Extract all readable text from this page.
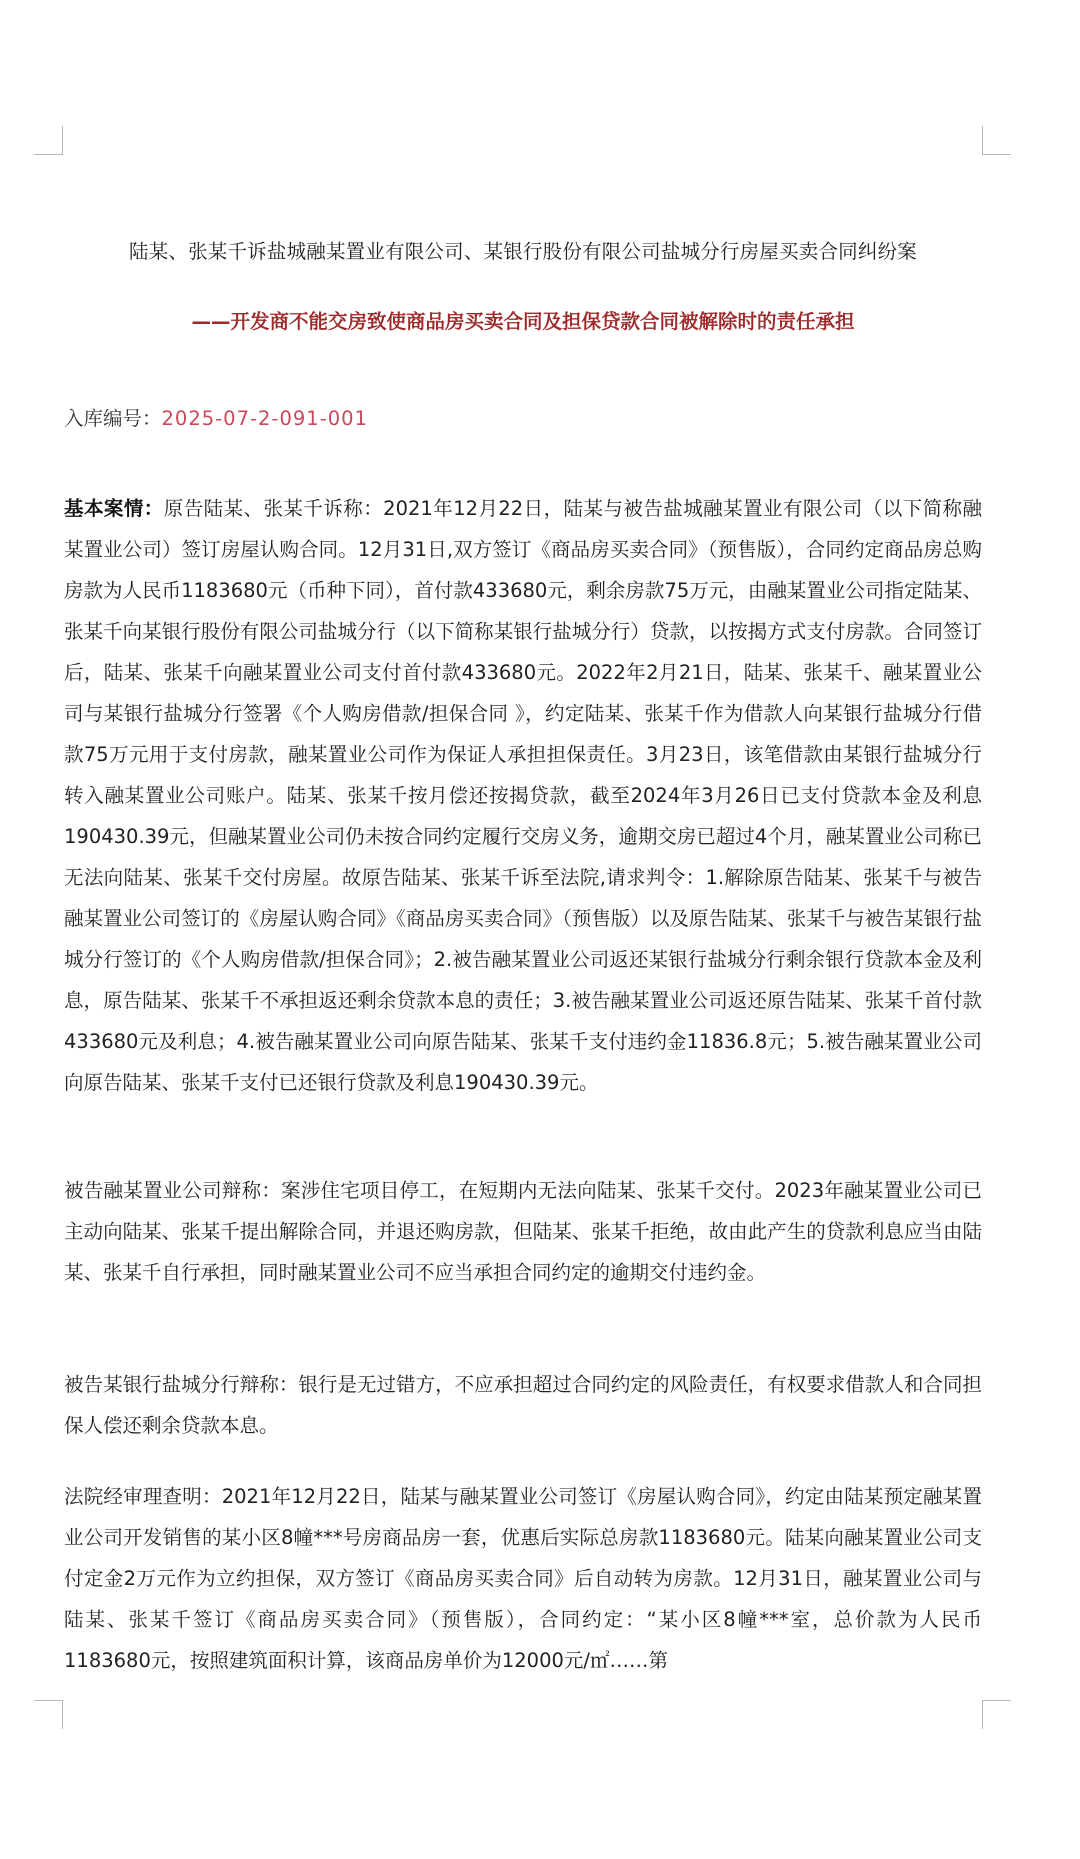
陆某、张某千诉盐城融某置业有限公司、某银行股份有限公司盐城分行房屋买卖合同纠纷案
——开发商不能交房致使商品房买卖合同及担保贷款合同被解除时的责任承担
入库编号：2025-07-2-091-001

基本案情：原告陆某、张某千诉称：2021年12月22日，陆某与被告盐城融某置业有限公司（以下简称融某置业公司）签订房屋认购合同。12月31日,双方签订《商品房买卖合同》（预售版），合同约定商品房总购房款为人民币1183680元（币种下同），首付款433680元，剩余房款75万元，由融某置业公司指定陆某、张某千向某银行股份有限公司盐城分行（以下简称某银行盐城分行）贷款，以按揭方式支付房款。合同签订后，陆某、张某千向融某置业公司支付首付款433680元。2022年2月21日，陆某、张某千、融某置业公司与某银行盐城分行签署《个人购房借款/担保合同 》，约定陆某、张某千作为借款人向某银行盐城分行借款75万元用于支付房款，融某置业公司作为保证人承担担保责任。3月23日，该笔借款由某银行盐城分行转入融某置业公司账户。陆某、张某千按月偿还按揭贷款，截至2024年3月26日已支付贷款本金及利息190430.39元，但融某置业公司仍未按合同约定履行交房义务，逾期交房已超过4个月，融某置业公司称已无法向陆某、张某千交付房屋。故原告陆某、张某千诉至法院,请求判令：1.解除原告陆某、张某千与被告融某置业公司签订的《房屋认购合同》《商品房买卖合同》（预售版）以及原告陆某、张某千与被告某银行盐城分行签订的《个人购房借款/担保合同》；2.被告融某置业公司返还某银行盐城分行剩余银行贷款本金及利息，原告陆某、张某千不承担返还剩余贷款本息的责任；3.被告融某置业公司返还原告陆某、张某千首付款433680元及利息；4.被告融某置业公司向原告陆某、张某千支付违约金11836.8元；5.被告融某置业公司向原告陆某、张某千支付已还银行贷款及利息190430.39元。

被告融某置业公司辩称：案涉住宅项目停工，在短期内无法向陆某、张某千交付。2023年融某置业公司已主动向陆某、张某千提出解除合同，并退还购房款，但陆某、张某千拒绝，故由此产生的贷款利息应当由陆某、张某千自行承担，同时融某置业公司不应当承担合同约定的逾期交付违约金。

被告某银行盐城分行辩称：银行是无过错方，不应承担超过合同约定的风险责任，有权要求借款人和合同担保人偿还剩余贷款本息。

法院经审理查明：2021年12月22日，陆某与融某置业公司签订《房屋认购合同》，约定由陆某预定融某置业公司开发销售的某小区8幢***号房商品房一套，优惠后实际总房款1183680元。陆某向融某置业公司支付定金2万元作为立约担保，双方签订《商品房买卖合同》后自动转为房款。12月31日，融某置业公司与陆某、张某千签订《商品房买卖合同》（预售版），合同约定：“某小区8幢***室，总价款为人民币1183680元，按照建筑面积计算，该商品房单价为12000元/㎡……第
